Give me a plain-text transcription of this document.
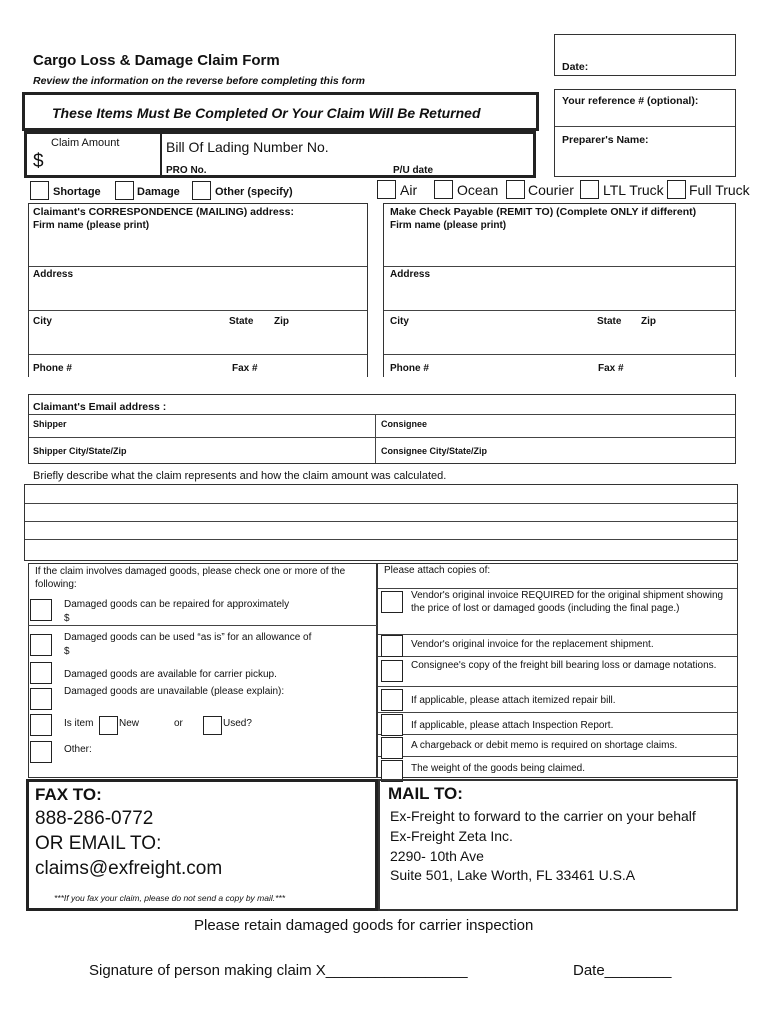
Cargo Loss & Damage Claim Form
Review the information on the reverse before completing this form
Date:
These Items Must Be Completed Or Your Claim Will Be Returned
Your reference # (optional):
Preparer's Name:
Claim Amount
$
Bill Of Lading Number No.
PRO No.	P/U date
Shortage	Damage	Other (specify)	Air	Ocean Courier LTL Truck Full Truck
Claimant's CORRESPONDENCE (MAILING) address:
Firm name (please print)
Address
City	State Zip
Phone #	Fax #
Make Check Payable (REMIT TO) (Complete ONLY if different)
Firm name (please print)
Address
City	State Zip
Phone #	Fax #
Claimant's Email address :
Shipper	Consignee
Shipper City/State/Zip	Consignee City/State/Zip
Briefly describe what the claim represents and how the claim amount was calculated.
If the claim involves damaged goods, please check one or more of the following:
Damaged goods can be repaired for approximately
$
Damaged goods can be used “as is” for an allowance of
$
Damaged goods are available for carrier pickup.
Damaged goods are unavailable (please explain):
Is item	New	or	Used?
Other:
Please attach copies of:
Vendor's original invoice REQUIRED for the original shipment showing the price of lost or damaged goods (including the final page.)
Vendor's original invoice for the replacement shipment.
Consignee's copy of the freight bill bearing loss or damage notations.
If applicable, please attach itemized repair bill.
If applicable, please attach Inspection Report.
A chargeback or debit memo is required on shortage claims.
The weight of the goods being claimed.
FAX TO:
888-286-0772
OR EMAIL TO:
claims@exfreight.com
***If you fax your claim, please do not send a copy by mail.***
MAIL TO:
Ex-Freight to forward to the carrier on your behalf
Ex-Freight Zeta Inc.
2290- 10th Ave
Suite 501, Lake Worth, FL 33461 U.S.A
Please retain damaged goods for carrier inspection
Signature of person making claim X_________________	Date________
